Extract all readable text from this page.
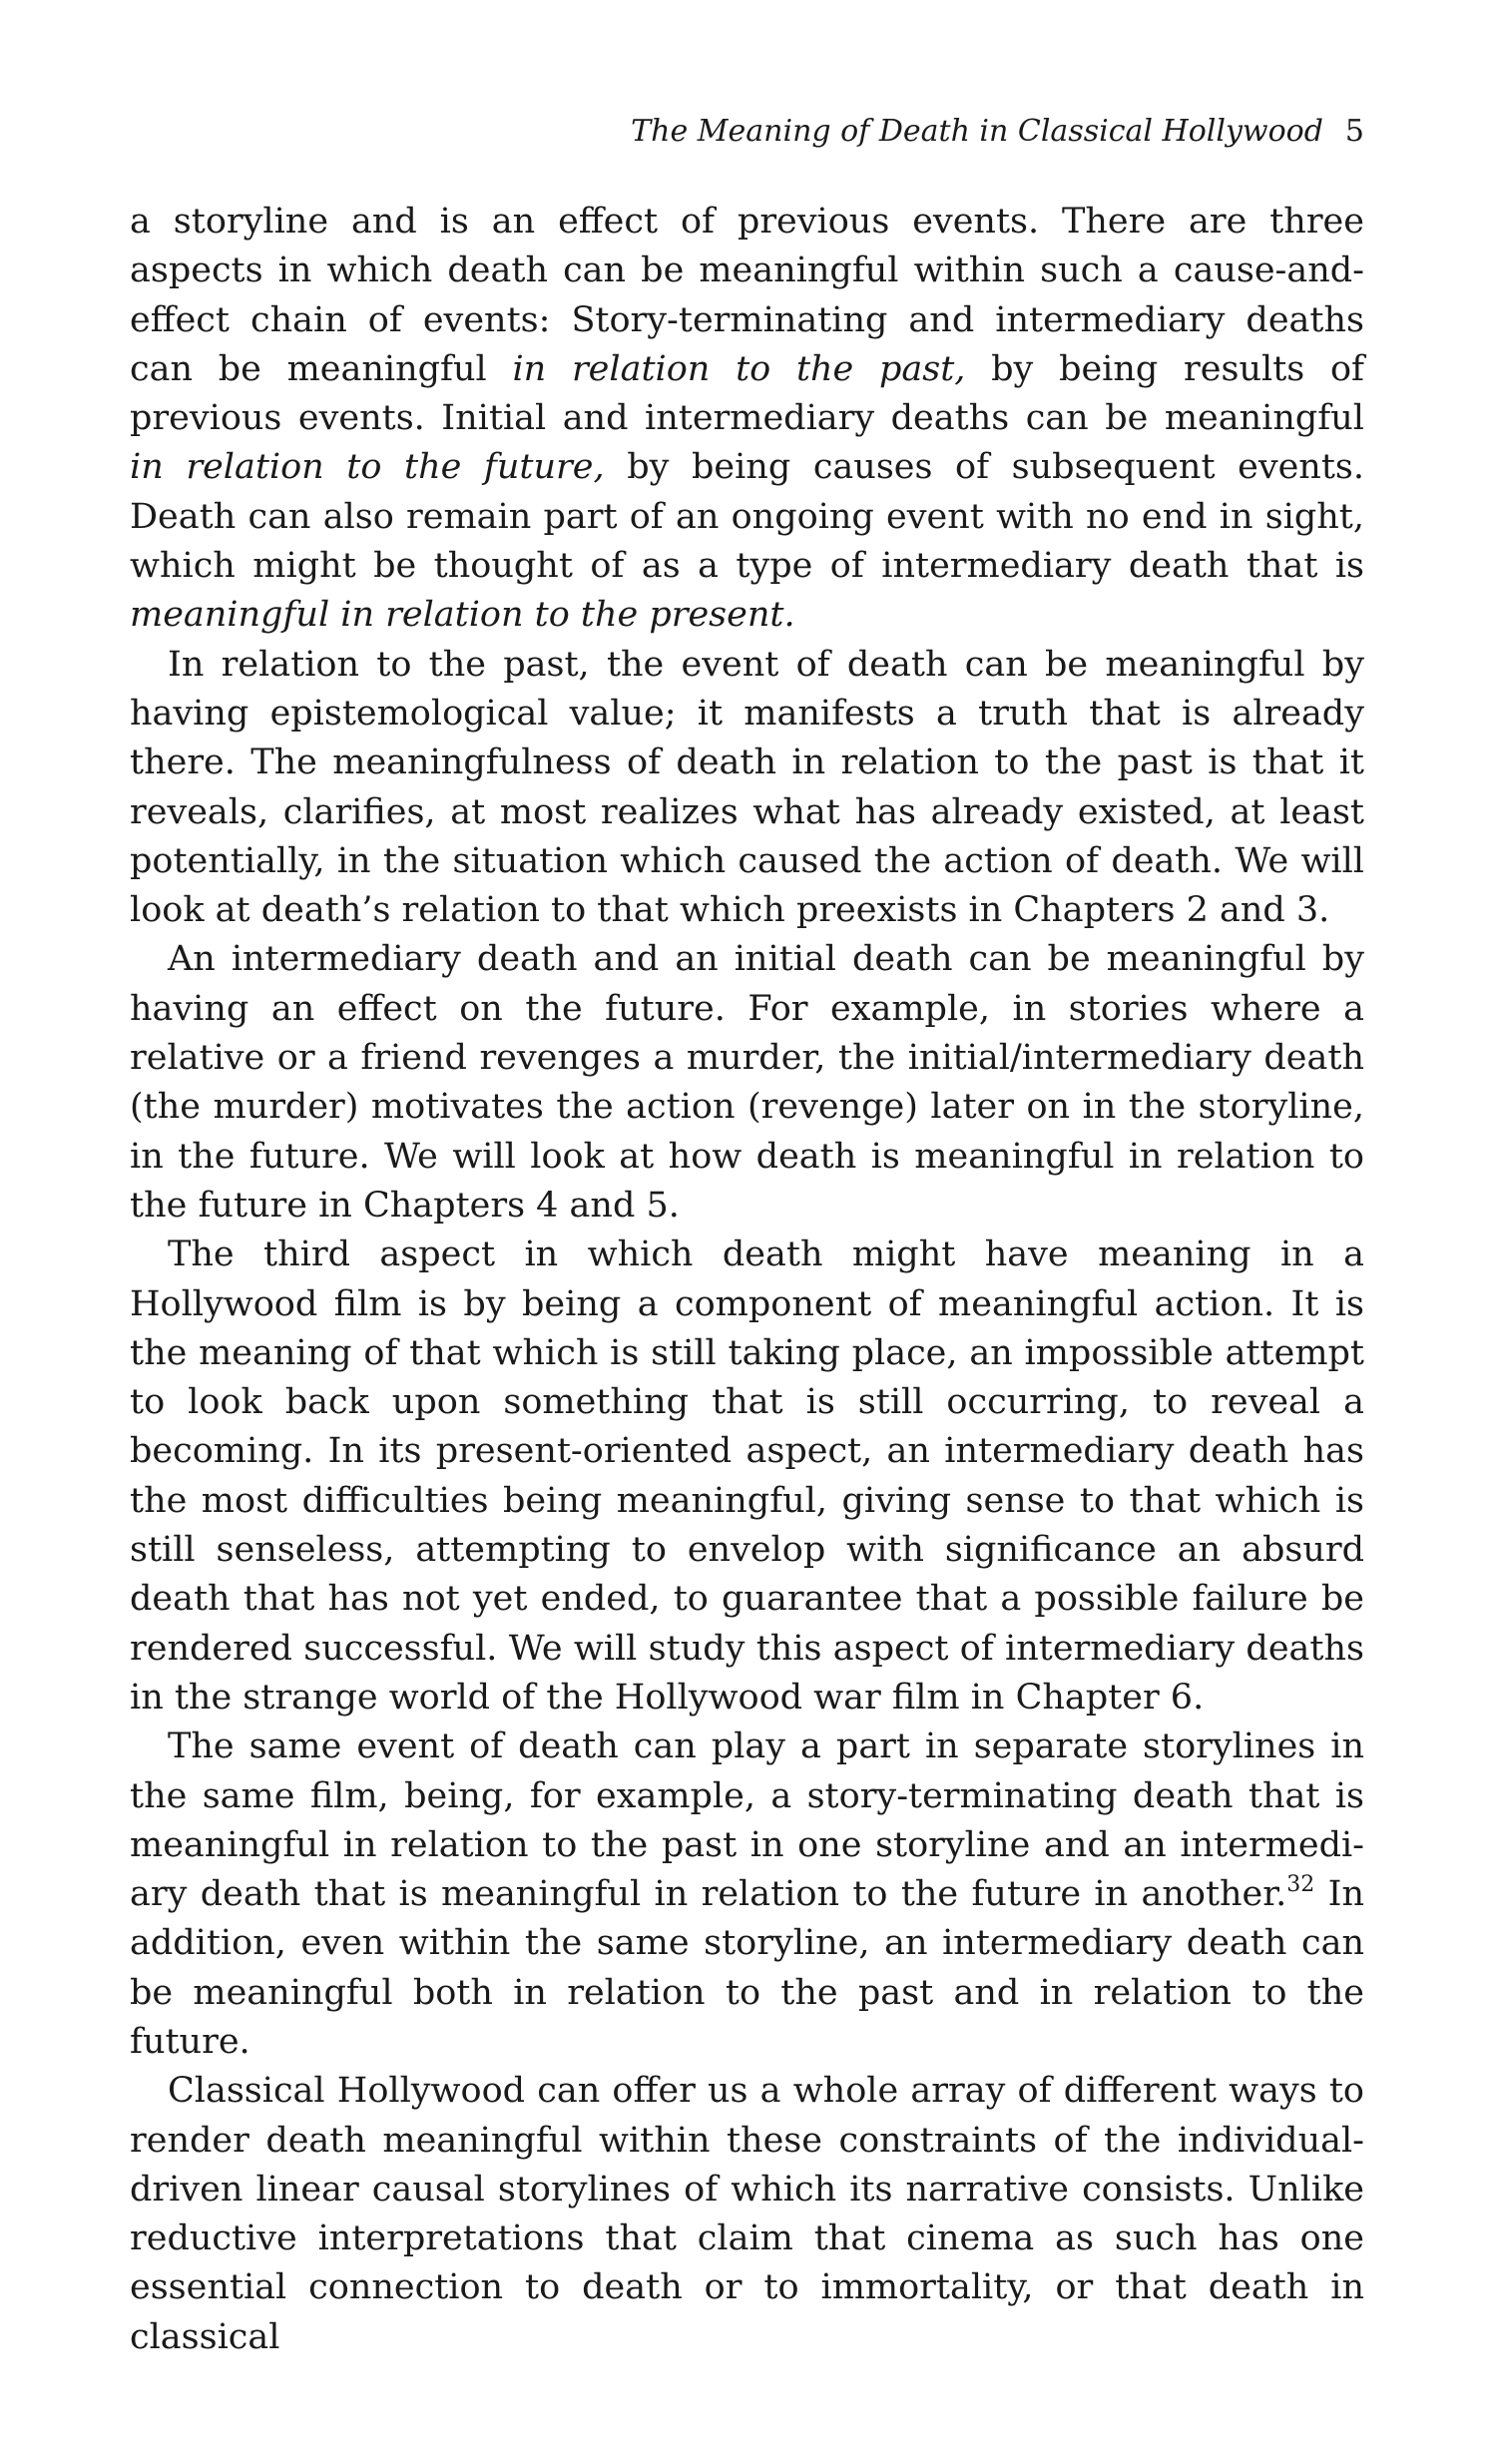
The Meaning of Death in Classical Hollywood 5

a storyline and is an effect of previous events. There are three aspects in which death can be meaningful within such a cause-and-effect chain of events: Story-terminating and intermediary deaths can be meaningful in relation to the past, by being results of previous events. Initial and intermediary deaths can be meaningful in relation to the future, by being causes of subsequent events. Death can also remain part of an ongoing event with no end in sight, which might be thought of as a type of intermediary death that is meaningful in relation to the present.

In relation to the past, the event of death can be meaningful by having epistemological value; it manifests a truth that is already there. The meaningfulness of death in relation to the past is that it reveals, clarifies, at most realizes what has already existed, at least potentially, in the situation which caused the action of death. We will look at death’s relation to that which preexists in Chapters 2 and 3.

An intermediary death and an initial death can be meaningful by having an effect on the future. For example, in stories where a relative or a friend revenges a murder, the initial/intermediary death (the murder) motivates the action (revenge) later on in the storyline, in the future. We will look at how death is meaningful in relation to the future in Chapters 4 and 5.

The third aspect in which death might have meaning in a Hollywood film is by being a component of meaningful action. It is the meaning of that which is still taking place, an impossible attempt to look back upon something that is still occurring, to reveal a becoming. In its present-oriented aspect, an intermediary death has the most difficulties being meaningful, giving sense to that which is still senseless, attempting to envelop with significance an absurd death that has not yet ended, to guarantee that a possible failure be rendered successful. We will study this aspect of intermediary deaths in the strange world of the Hollywood war film in Chapter 6.

The same event of death can play a part in separate storylines in the same film, being, for example, a story-terminating death that is meaningful in relation to the past in one storyline and an intermediary death that is meaningful in relation to the future in another.$^{32}$ In addition, even within the same storyline, an intermediary death can be meaningful both in relation to the past and in relation to the future.

Classical Hollywood can offer us a whole array of different ways to render death meaningful within these constraints of the individual-driven linear causal storylines of which its narrative consists. Unlike reductive interpretations that claim that cinema as such has one essential connection to death or to immortality, or that death in classical
